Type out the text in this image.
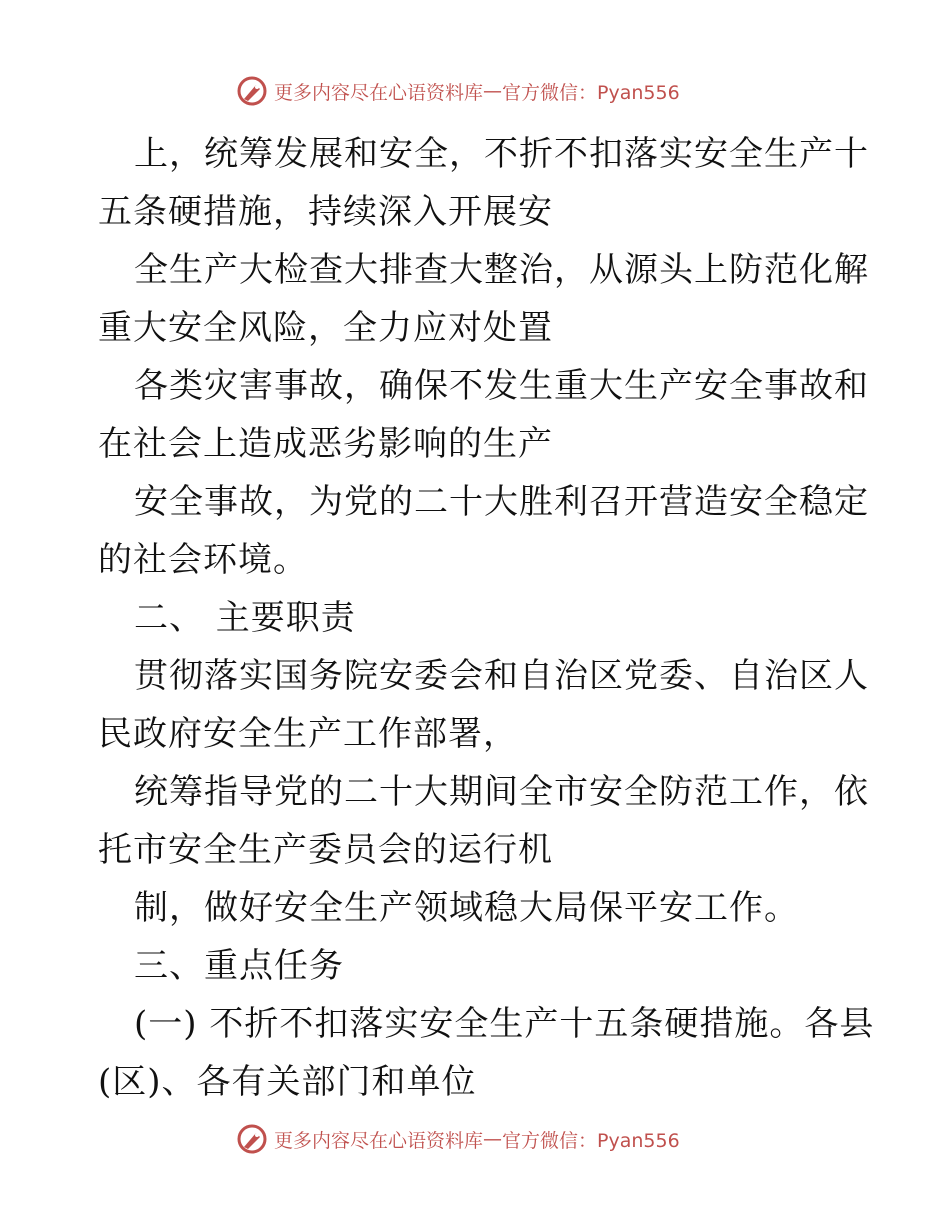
更多内容尽在心语资料库 — 官方微信：Pyan556
上，统筹发展和安全，不折不扣落实安全生产十
五条硬措施，持续深入开展安
全生产大检查大排查大整治，从源头上防范化解
重大安全风险，全力应对处置
各类灾害事故，确保不发生重大生产安全事故和
在社会上造成恶劣影响的生产
安全事故，为党的二十大胜利召开营造安全稳定
的社会环境。
二、 主要职责
贯彻落实国务院安委会和自治区党委、自治区人
民政府安全生产工作部署，
统筹指导党的二十大期间全市安全防范工作，依
托市安全生产委员会的运行机
制，做好安全生产领域稳大局保平安工作。
三、重点任务
(一) 不折不扣落实安全生产十五条硬措施。各县
(区)、各有关部门和单位
更多内容尽在心语资料库 — 官方微信：Pyan556
